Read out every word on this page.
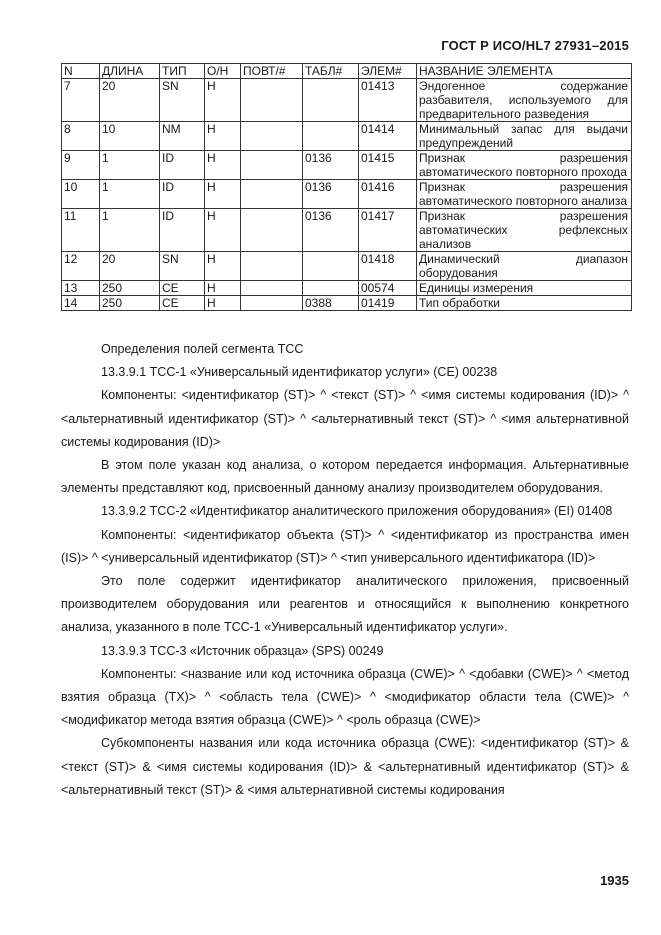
ГОСТ Р ИСО/HL7 27931–2015
N	ДЛИНА	ТИП	О/Н	ПОВТ/#	ТАБЛ#	ЭЛЕМ#	НАЗВАНИЕ ЭЛЕМЕНТА
7	20	SN	Н			01413	Эндогенное содержание разбавителя, используемого для предварительного разведения
8	10	NM	Н			01414	Минимальный запас для выдачи предупреждений
9	1	ID	Н		0136	01415	Признак разрешения автоматического повторного прохода
10	1	ID	Н		0136	01416	Признак разрешения автоматического повторного анализа
11	1	ID	Н		0136	01417	Признак разрешения автоматических рефлексных анализов
12	20	SN	Н			01418	Динамический диапазон оборудования
13	250	CE	Н			00574	Единицы измерения
14	250	CE	Н		0388	01419	Тип обработки

Определения полей сегмента ТСС

13.3.9.1 ТСС-1 «Универсальный идентификатор услуги» (СЕ) 00238

Компоненты: <идентификатор (ST)> ^ <текст (ST)> ^ <имя системы кодирования (ID)> ^ <альтернативный идентификатор (ST)> ^ <альтернативный текст (ST)> ^ <имя альтернативной системы кодирования (ID)>

В этом поле указан код анализа, о котором передается информация. Альтернативные элементы представляют код, присвоенный данному анализу производителем оборудования.

13.3.9.2 ТСС-2 «Идентификатор аналитического приложения оборудования» (EI) 01408

Компоненты: <идентификатор объекта (ST)> ^ <идентификатор из пространства имен (IS)> ^ <универсальный идентификатор (ST)> ^ <тип универсального идентификатора (ID)>

Это поле содержит идентификатор аналитического приложения, присвоенный производителем оборудования или реагентов и относящийся к выполнению конкретного анализа, указанного в поле ТСС-1 «Универсальный идентификатор услуги».

13.3.9.3 ТСС-3 «Источник образца» (SPS) 00249

Компоненты: <название или код источника образца (CWE)> ^ <добавки (CWE)> ^ <метод взятия образца (ТХ)> ^ <область тела (CWE)> ^ <модификатор области тела (CWE)> ^ <модификатор метода взятия образца (CWE)> ^ <роль образца (CWE)>

Субкомпоненты названия или кода источника образца (CWE): <идентификатор (ST)> & <текст (ST)> & <имя системы кодирования (ID)> & <альтернативный идентификатор (ST)> & <альтернативный текст (ST)> & <имя альтернативной системы кодирования

1935
